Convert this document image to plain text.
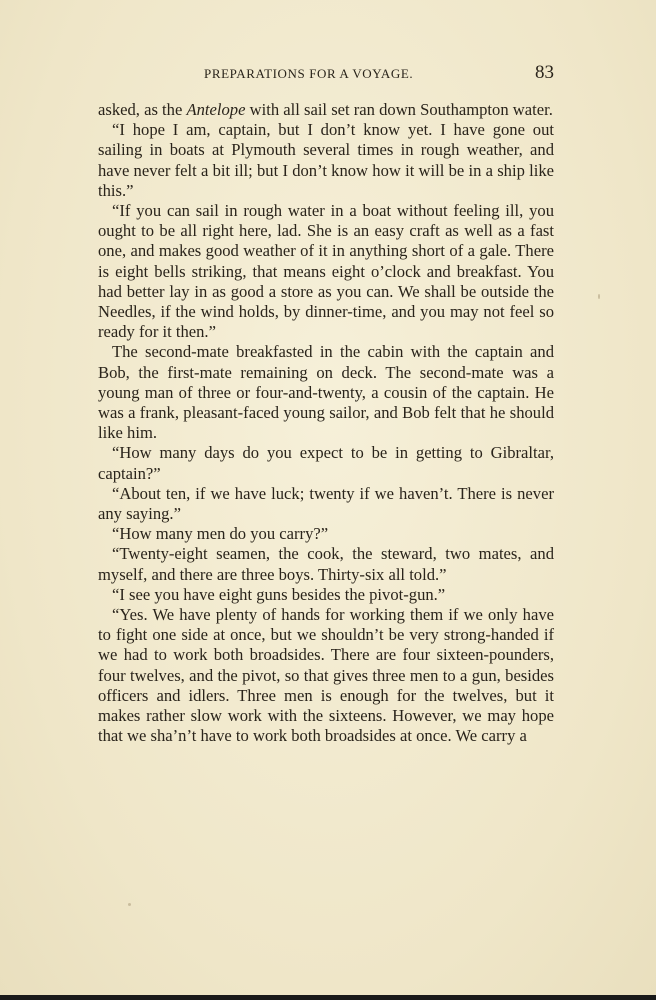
PREPARATIONS FOR A VOYAGE.	83

asked, as the Antelope with all sail set ran down Southampton water.

“I hope I am, captain, but I don’t know yet. I have gone out sailing in boats at Plymouth several times in rough weather, and have never felt a bit ill; but I don’t know how it will be in a ship like this.”

“If you can sail in rough water in a boat without feeling ill, you ought to be all right here, lad. She is an easy craft as well as a fast one, and makes good weather of it in anything short of a gale. There is eight bells striking, that means eight o’clock and breakfast. You had better lay in as good a store as you can. We shall be outside the Needles, if the wind holds, by dinner-time, and you may not feel so ready for it then.”

The second-mate breakfasted in the cabin with the captain and Bob, the first-mate remaining on deck. The second-mate was a young man of three or four-and-twenty, a cousin of the captain. He was a frank, pleasant-faced young sailor, and Bob felt that he should like him.

“How many days do you expect to be in getting to Gibraltar, captain?”

“About ten, if we have luck; twenty if we haven’t. There is never any saying.”

“How many men do you carry?”

“Twenty-eight seamen, the cook, the steward, two mates, and myself, and there are three boys. Thirty-six all told.”

“I see you have eight guns besides the pivot-gun.”

“Yes. We have plenty of hands for working them if we only have to fight one side at once, but we shouldn’t be very strong-handed if we had to work both broadsides. There are four sixteen-pounders, four twelves, and the pivot, so that gives three men to a gun, besides officers and idlers. Three men is enough for the twelves, but it makes rather slow work with the sixteens. However, we may hope that we sha’n’t have to work both broadsides at once. We carry a
